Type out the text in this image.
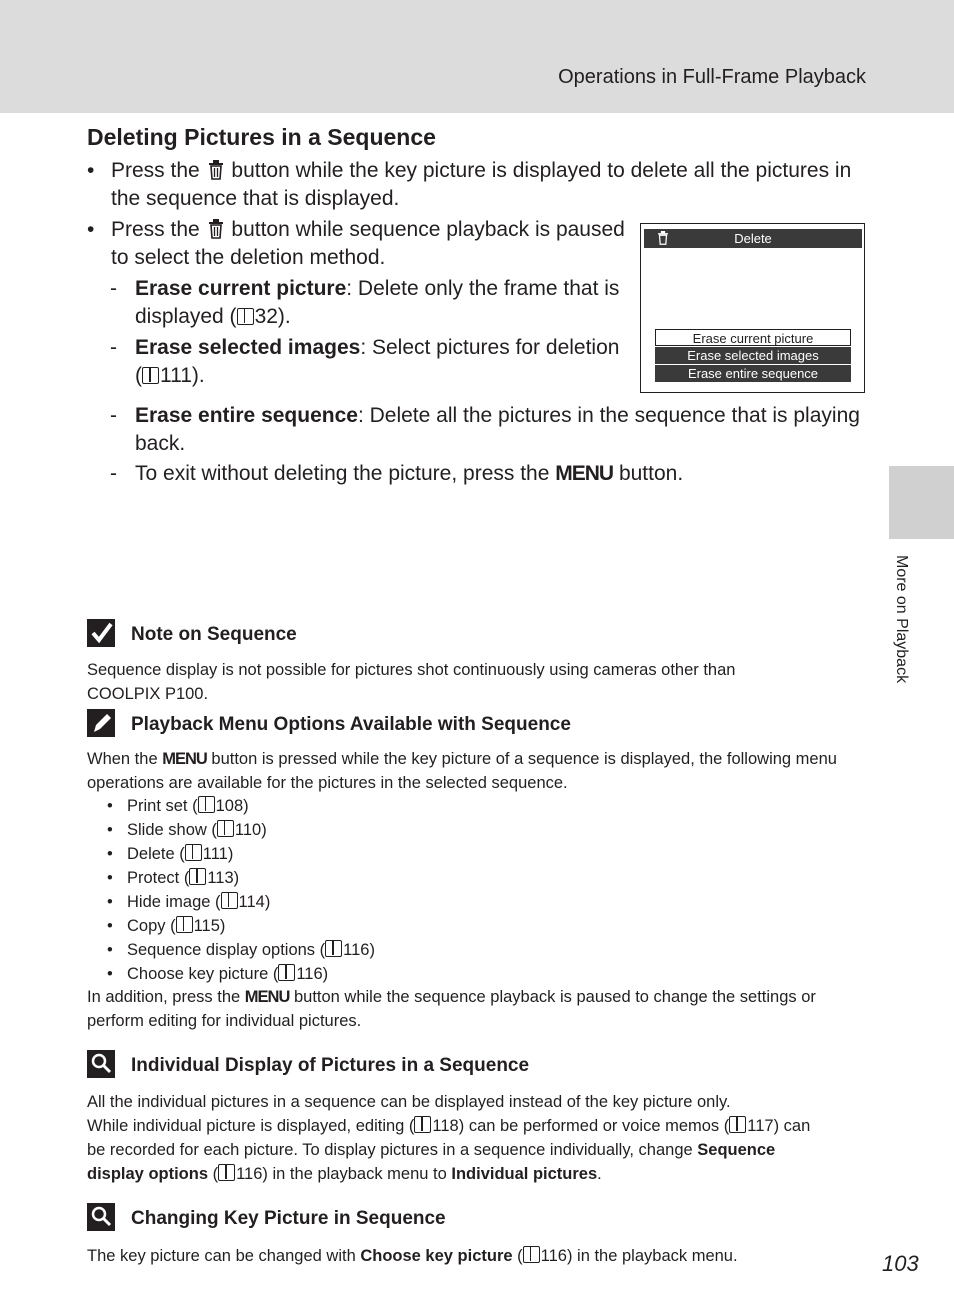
Operations in Full-Frame Playback
More on Playback
Deleting Pictures in a Sequence
• Press the button while the key picture is displayed to delete all the pictures in
the sequence that is displayed.
• Press the button while sequence playback is paused
to select the deletion method.
- Erase current picture: Delete only the frame that is
displayed ( 32).
- Erase selected images: Select pictures for deletion
( 111).
- Erase entire sequence: Delete all the pictures in the sequence that is playing
back.
- To exit without deleting the picture, press the MENU button.
Delete
Erase current picture
Erase selected images
Erase entire sequence
Note on Sequence
Sequence display is not possible for pictures shot continuously using cameras other than
COOLPIX P100.
Playback Menu Options Available with Sequence
When the MENU button is pressed while the key picture of a sequence is displayed, the following menu
operations are available for the pictures in the selected sequence.
• Print set ( 108)
• Slide show ( 110)
• Delete ( 111)
• Protect ( 113)
• Hide image ( 114)
• Copy ( 115)
• Sequence display options ( 116)
• Choose key picture ( 116)
In addition, press the MENU button while the sequence playback is paused to change the settings or
perform editing for individual pictures.
Individual Display of Pictures in a Sequence
All the individual pictures in a sequence can be displayed instead of the key picture only.
While individual picture is displayed, editing ( 118) can be performed or voice memos ( 117) can
be recorded for each picture. To display pictures in a sequence individually, change Sequence
display options ( 116) in the playback menu to Individual pictures.
Changing Key Picture in Sequence
The key picture can be changed with Choose key picture ( 116) in the playback menu.	103
